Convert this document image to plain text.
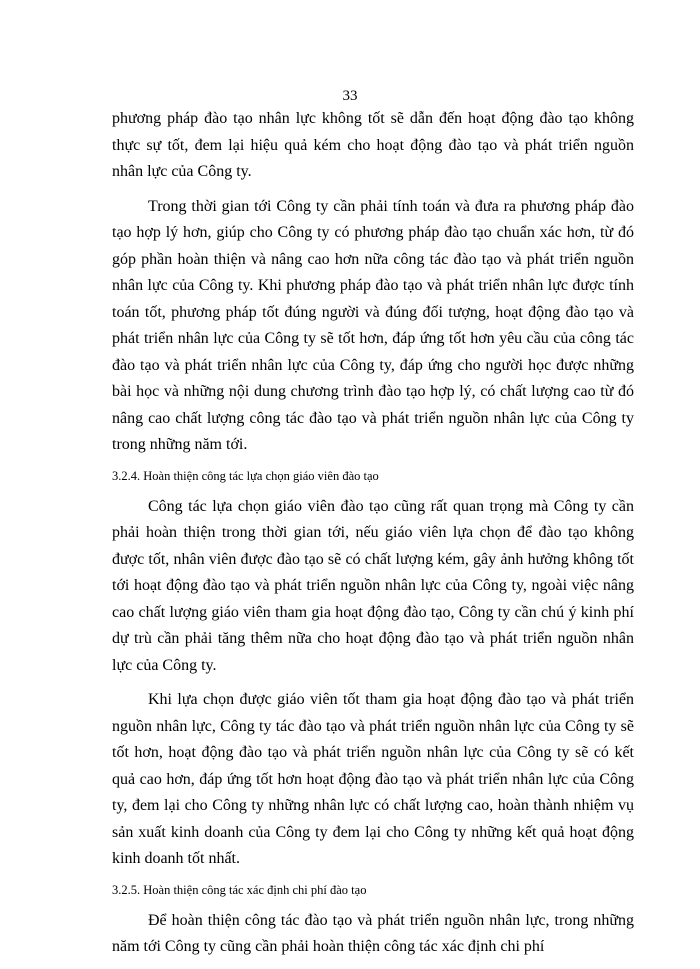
33

phương pháp đào tạo nhân lực không tốt sẽ dẫn đến hoạt động đào tạo không thực sự tốt, đem lại hiệu quả kém cho hoạt động đào tạo và phát triển nguồn nhân lực của Công ty.

Trong thời gian tới Công ty cần phải tính toán và đưa ra phương pháp đào tạo hợp lý hơn, giúp cho Công ty có phương pháp đào tạo chuẩn xác hơn, từ đó góp phần hoàn thiện và nâng cao hơn nữa công tác đào tạo và phát triển nguồn nhân lực của Công ty. Khi phương pháp đào tạo và phát triển nhân lực được tính toán tốt, phương pháp tốt đúng người và đúng đối tượng, hoạt động đào tạo và phát triển nhân lực của Công ty sẽ tốt hơn, đáp ứng tốt hơn yêu cầu của công tác đào tạo và phát triển nhân lực của Công ty, đáp ứng cho người học được những bài học và những nội dung chương trình đào tạo hợp lý, có chất lượng cao từ đó nâng cao chất lượng công tác đào tạo và phát triển nguồn nhân lực của Công ty trong những năm tới.

3.2.4. Hoàn thiện công tác lựa chọn giáo viên đào tạo

Công tác lựa chọn giáo viên đào tạo cũng rất quan trọng mà Công ty cần phải hoàn thiện trong thời gian tới, nếu giáo viên lựa chọn để đào tạo không được tốt, nhân viên được đào tạo sẽ có chất lượng kém, gây ảnh hưởng không tốt tới hoạt động đào tạo và phát triển nguồn nhân lực của Công ty, ngoài việc nâng cao chất lượng giáo viên tham gia hoạt động đào tạo, Công ty cần chú ý kinh phí dự trù cần phải tăng thêm nữa cho hoạt động đào tạo và phát triển nguồn nhân lực của Công ty.

Khi lựa chọn được giáo viên tốt tham gia hoạt động đào tạo và phát triển nguồn nhân lực, Công ty tác đào tạo và phát triển nguồn nhân lực của Công ty sẽ tốt hơn, hoạt động đào tạo và phát triển nguồn nhân lực của Công ty sẽ có kết quả cao hơn, đáp ứng tốt hơn hoạt động đào tạo và phát triển nhân lực của Công ty, đem lại cho Công ty những nhân lực có chất lượng cao, hoàn thành nhiệm vụ sản xuất kinh doanh của Công ty đem lại cho Công ty những kết quả hoạt động kinh doanh tốt nhất.

3.2.5. Hoàn thiện công tác xác định chi phí đào tạo

Để hoàn thiện công tác đào tạo và phát triển nguồn nhân lực, trong những năm tới Công ty cũng cần phải hoàn thiện công tác xác định chi phí
